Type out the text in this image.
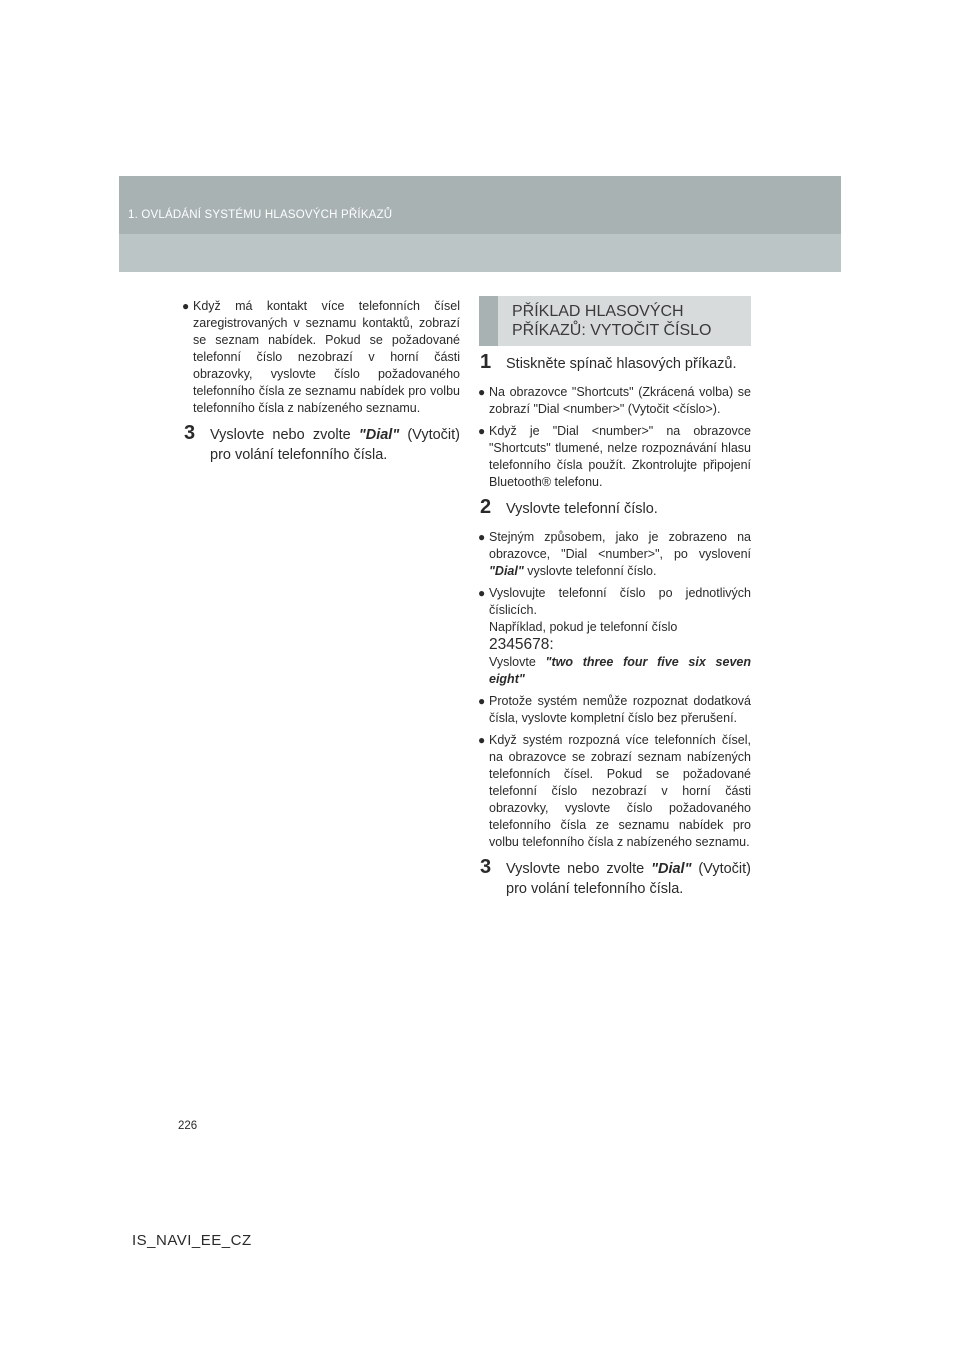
1. OVLÁDÁNÍ SYSTÉMU HLASOVÝCH PŘÍKAZŮ
● Když má kontakt více telefonních čísel zaregistrovaných v seznamu kontaktů, zobrazí se seznam nabídek. Pokud se požadované telefonní číslo nezobrazí v horní části obrazovky, vyslovte číslo požadovaného telefonního čísla ze seznamu nabídek pro volbu telefonního čísla z nabízeného seznamu.
3 Vyslovte nebo zvolte "Dial" (Vytočit) pro volání telefonního čísla.
PŘÍKLAD HLASOVÝCH PŘÍKAZŮ: VYTOČIT ČÍSLO
1 Stiskněte spínač hlasových příkazů.
● Na obrazovce "Shortcuts" (Zkrácená volba) se zobrazí "Dial <number>" (Vytočit <číslo>).
● Když je "Dial <number>" na obrazovce "Shortcuts" tlumené, nelze rozpoznávání hlasu telefonního čísla použít. Zkontrolujte připojení Bluetooth® telefonu.
2 Vyslovte telefonní číslo.
● Stejným způsobem, jako je zobrazeno na obrazovce, "Dial <number>", po vyslovení "Dial" vyslovte telefonní číslo.
● Vyslovujte telefonní číslo po jednotlivých číslicích.
Například, pokud je telefonní číslo
2345678:
Vyslovte "two three four five six seven eight"
● Protože systém nemůže rozpoznat dodatková čísla, vyslovte kompletní číslo bez přerušení.
● Když systém rozpozná více telefonních čísel, na obrazovce se zobrazí seznam nabízených telefonních čísel. Pokud se požadované telefonní číslo nezobrazí v horní části obrazovky, vyslovte číslo požadovaného telefonního čísla ze seznamu nabídek pro volbu telefonního čísla z nabízeného seznamu.
3 Vyslovte nebo zvolte "Dial" (Vytočit) pro volání telefonního čísla.
226
IS_NAVI_EE_CZ
